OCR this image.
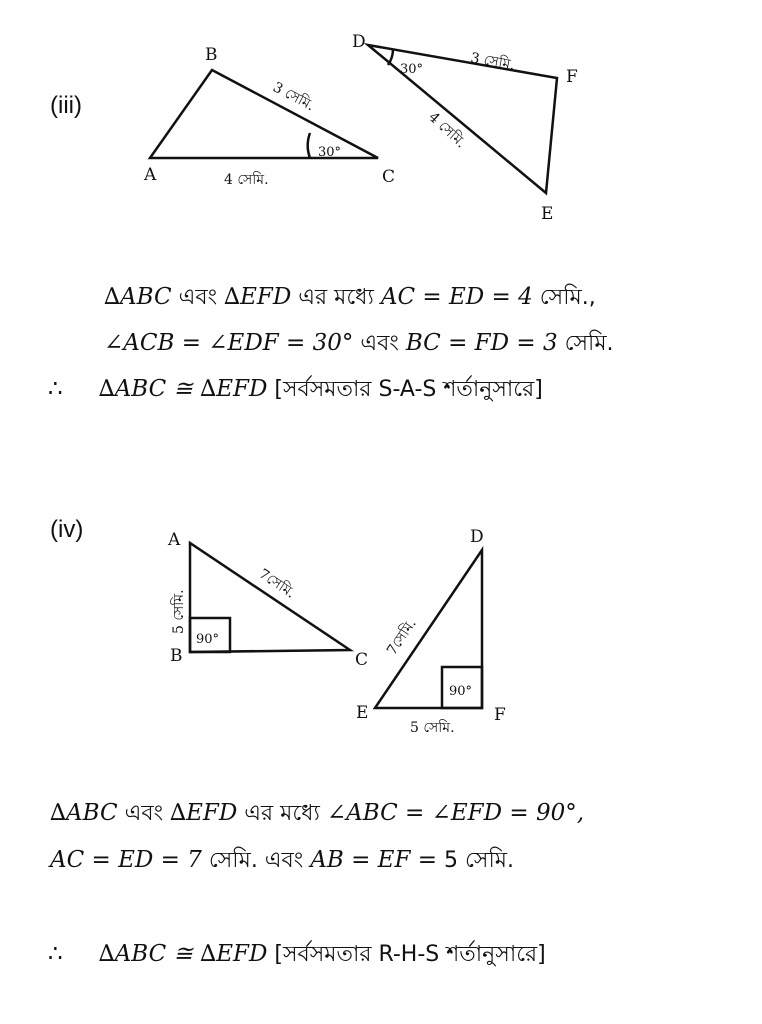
(iii)
A
B
C
3 সেমি.
4 সেমি.
30°
D
E
F
3 সেমি.
4 সেমি.
30°
A
B	C
7সেমি.
5 সেমি.
90°
D
E	F
7সেমি.
5 সেমি.
90°
∆ABC এবং ∆EFD এর মধ্যে AC = ED = 4 সেমি.,
∠ACB = ∠EDF = 30° এবং BC = FD = 3 সেমি.
∴ ∆ABC ≅ ∆EFD [সর্বসমতার S-A-S শর্তানুসারে]
(iv)
∆ABC এবং ∆EFD এর মধ্যে ∠ABC = ∠EFD = 90°,
AC = ED = 7 সেমি. এবং AB = EF = 5 সেমি.
∴ ∆ABC ≅ ∆EFD [সর্বসমতার R-H-S শর্তানুসারে]
